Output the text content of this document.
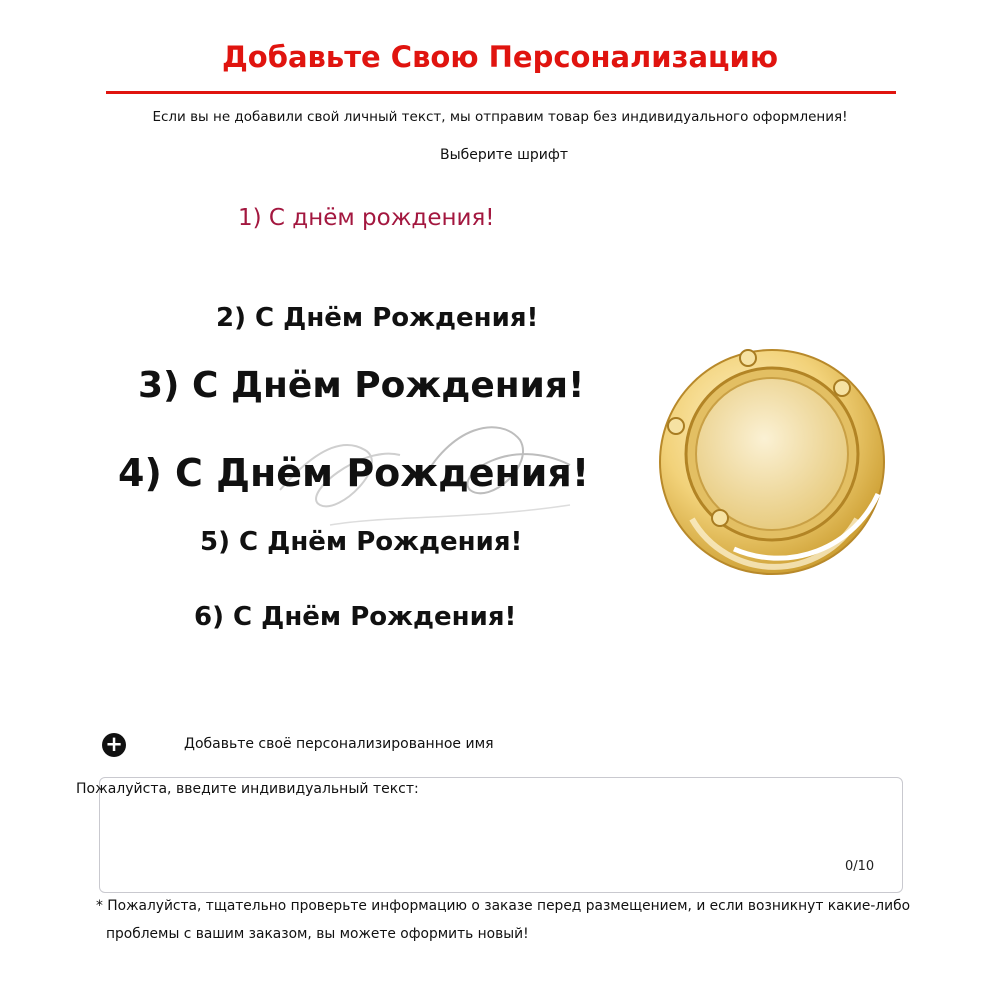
Добавьте Свою Персонализацию
Если вы не добавили свой личный текст, мы отправим товар без индивидуального оформления!
Выберите шрифт
1) С днём рождения!
2) С Днём Рождения!
3) С Днём Рождения!
4) С Днём Рождения!
5) С Днём Рождения!
6) С Днём Рождения!
+	Добавьте своё персонализированное имя
Пожалуйста, введите индивидуальный текст:
0/10
* Пожалуйста, тщательно проверьте информацию о заказе перед размещением, и если возникнут какие-либо
проблемы с вашим заказом, вы можете оформить новый!
